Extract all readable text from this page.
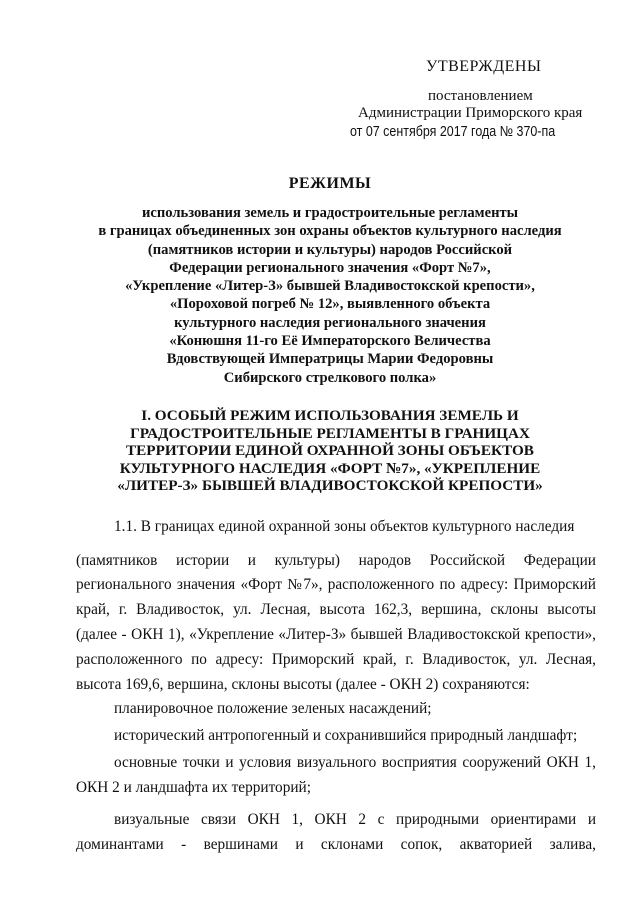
УТВЕРЖДЕНЫ
постановлением
Администрации Приморского края
от 07 сентября 2017 года № 370-па
РЕЖИМЫ
использования земель и градостроительные регламенты
в границах объединенных зон охраны объектов культурного наследия
(памятников истории и культуры) народов Российской
Федерации регионального значения «Форт №7»,
«Укрепление «Литер-З» бывшей Владивостокской крепости»,
«Пороховой погреб № 12», выявленного объекта
культурного наследия регионального значения
«Конюшня 11-го Её Императорского Величества
Вдовствующей Императрицы Марии Федоровны
Сибирского стрелкового полка»
I. ОСОБЫЙ РЕЖИМ ИСПОЛЬЗОВАНИЯ ЗЕМЕЛЬ И
ГРАДОСТРОИТЕЛЬНЫЕ РЕГЛАМЕНТЫ В ГРАНИЦАХ
ТЕРРИТОРИИ ЕДИНОЙ ОХРАННОЙ ЗОНЫ ОБЪЕКТОВ
КУЛЬТУРНОГО НАСЛЕДИЯ «ФОРТ №7», «УКРЕПЛЕНИЕ
«ЛИТЕР-З» БЫВШЕЙ ВЛАДИВОСТОКСКОЙ КРЕПОСТИ»
1.1. В границах единой охранной зоны объектов культурного наследия
(памятников истории и культуры) народов Российской Федерации
регионального значения «Форт №7», расположенного по адресу: Приморский
край, г. Владивосток, ул. Лесная, высота 162,3, вершина, склоны высоты
(далее - ОКН 1), «Укрепление «Литер-З» бывшей Владивостокской крепости»,
расположенного по адресу: Приморский край, г. Владивосток, ул. Лесная,
высота 169,6, вершина, склоны высоты (далее - ОКН 2) сохраняются:
планировочное положение зеленых насаждений;
исторический антропогенный и сохранившийся природный ландшафт;
основные точки и условия визуального восприятия сооружений ОКН 1,
ОКН 2 и ландшафта их территорий;
визуальные связи ОКН 1, ОКН 2 с природными ориентирами и
доминантами - вершинами и склонами сопок, акваторией залива,
